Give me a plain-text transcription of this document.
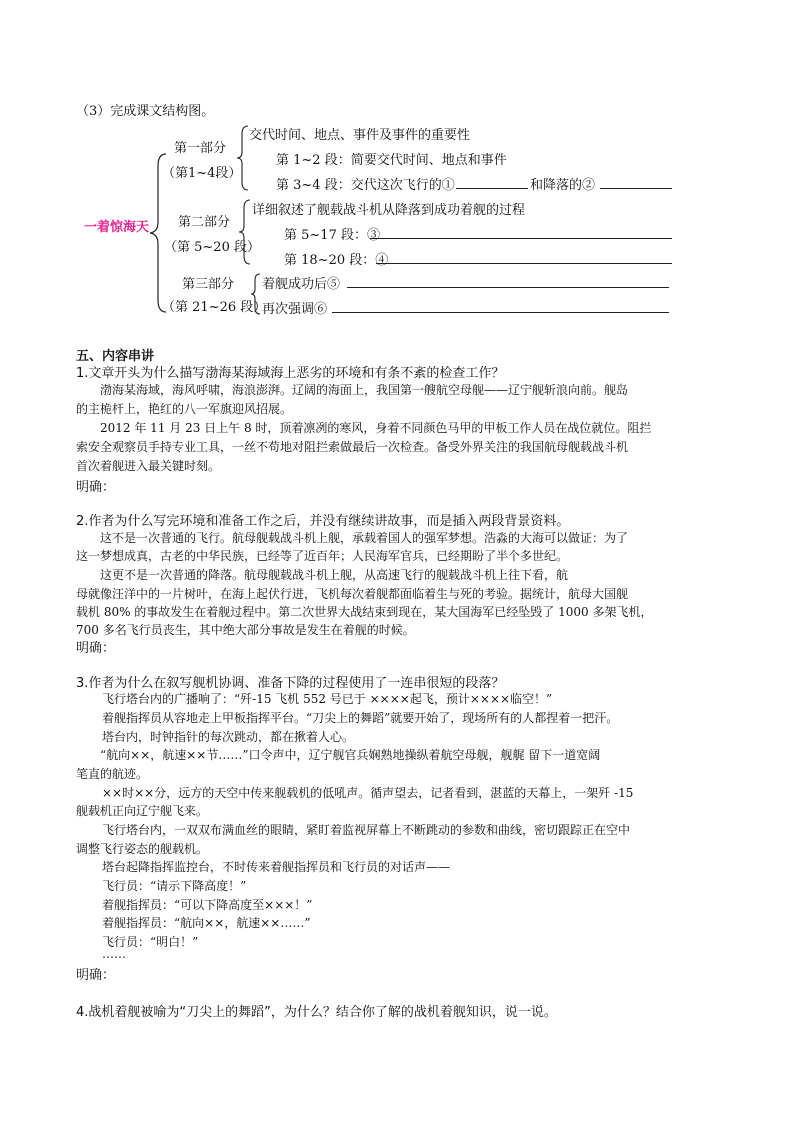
（3）完成课文结构图。
一着惊海天
第一部分
（第1~4段）
交代时间、地点、事件及事件的重要性
第 1~2 段：简要交代时间、地点和事件
第 3~4 段：交代这次飞行的①	和降落的②
第二部分
（第 5~20 段）
详细叙述了舰载战斗机从降落到成功着舰的过程
第 5~17 段：③
第 18~20 段：④
第三部分
（第 21~26 段）
着舰成功后⑤
再次强调⑥
五、内容串讲
1.文章开头为什么描写渤海某海域海上恶劣的环境和有条不紊的检查工作？
渤海某海域，海风呼啸，海浪澎湃。辽阔的海面上，我国第一艘航空母舰——辽宁舰斩浪向前。舰岛
的主桅杆上，艳红的八一军旗迎风招展。
2012 年 11 月 23 日上午 8 时，顶着凛冽的寒风，身着不同颜色马甲的甲板工作人员在战位就位。阻拦
索安全观察员手持专业工具，一丝不苟地对阻拦索做最后一次检查。备受外界关注的我国航母舰载战斗机
首次着舰进入最关键时刻。
明确：
2.作者为什么写完环境和准备工作之后，并没有继续讲故事，而是插入两段背景资料。
这不是一次普通的飞行。航母舰载战斗机上舰，承载着国人的强军梦想。浩淼的大海可以做证：为了
这一梦想成真，古老的中华民族，已经等了近百年；人民海军官兵，已经期盼了半个多世纪。
这更不是一次普通的降落。航母舰载战斗机上舰，从高速飞行的舰载战斗机上往下看，航
母就像汪洋中的一片树叶，在海上起伏行进，飞机每次着舰都面临着生与死的考验。据统计，航母大国舰
载机 80% 的事故发生在着舰过程中。第二次世界大战结束到现在，某大国海军已经坠毁了 1000 多架飞机，
700 多名飞行员丧生，其中绝大部分事故是发生在着舰的时候。
明确：
3.作者为什么在叙写舰机协调、准备下降的过程使用了一连串很短的段落？
飞行塔台内的广播响了：“歼-15 飞机 552 号已于 ××××起飞，预计××××临空！”
着舰指挥员从容地走上甲板指挥平台。“刀尖上的舞蹈”就要开始了，现场所有的人都捏着一把汗。
塔台内，时钟指针的每次跳动，都在揪着人心。
“航向××，航速××节……”口令声中，辽宁舰官兵娴熟地操纵着航空母舰，舰艉 留下一道宽阔
笔直的航迹。
××时××分，远方的天空中传来舰载机的低吼声。循声望去，记者看到，湛蓝的天幕上，一架歼 -15
舰载机正向辽宁舰飞来。
飞行塔台内，一双双布满血丝的眼睛，紧盯着监视屏幕上不断跳动的参数和曲线，密切跟踪正在空中
调整飞行姿态的舰载机。
塔台起降指挥监控台，不时传来着舰指挥员和飞行员的对话声——
飞行员：“请示下降高度！”
着舰指挥员：“可以下降高度至×××！”
着舰指挥员：“航向××，航速××……”
飞行员：“明白！”
……
明确：
4.战机着舰被喻为“刀尖上的舞蹈”，为什么？结合你了解的战机着舰知识，说一说。
